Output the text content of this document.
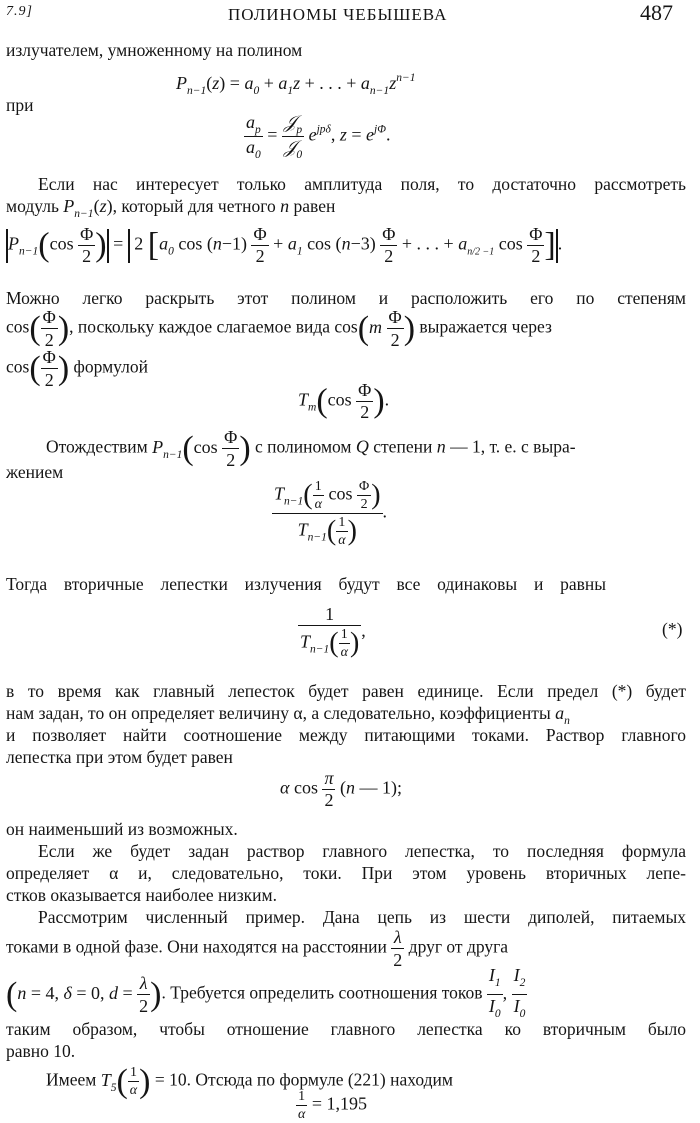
7.9]	ПОЛИНОМЫ ЧЕБЫШЕВА	487
излучателем, умноженному на полином
$P_{n-1}(z) = a_0 + a_1z$ + . . . + $a_{n-1}z^{n-1}$
при
$\frac{a_p}{a_0} = \frac{𝒥_p}{𝒥_0} e^{jp\delta}$, $z = e^{j\Phi}$.
Если нас интересует только амплитуда поля, то достаточно рассмотреть
модуль $P_{n-1}(z)$, который для четного n равен
$P_{n-1}(\cos \frac{\Phi}{2}$ ) =  2 [$a_0$ $\cos (n-1) \frac{\Phi}{2} + a_1$ $\cos (n-3) \frac{\Phi}{2}$ + . . . + $a_{n/2 -1}$ $\cos \frac{\Phi}{2}$ ] .
Можно легко раскрыть этот полином и расположить его по степеням
$\cos( \frac{\Phi}{2}$ ), поскольку каждое слагаемое вида $\cos(m \frac{\Phi}{2}$ ) выражается через
$\cos( \frac{\Phi}{2}$ ) формулой
$T_m(\cos \frac{\Phi}{2}$ ).
Отождествим $P_{n-1}(\cos \frac{\Phi}{2}$ ) с полиномом Q степени n — 1, т. е. с выра-
жением
$\frac{T_{n-1}( \frac{1}{\alpha} \cos \frac{\Phi}{2} )}{T_{n-1}( \frac{1}{\alpha} )}$ .
Тогда вторичные лепестки излучения будут все одинаковы и равны
$\frac{1}{T_{n-1}( \frac{1}{\alpha} )}$ ,	(*)
в то время как главный лепесток будет равен единице. Если предел (*) будет
нам задан, то он определяет величину α, а следовательно, коэффициенты $a_n$
и позволяет найти соотношение между питающими токами. Раствор главного
лепестка при этом будет равен
α $\cos \frac{\pi}{2} (n$ — 1);
он наименьший из возможных.
Если же будет задан раствор главного лепестка, то последняя формула
определяет α и, следовательно, токи. При этом уровень вторичных лепе-
стков оказывается наиболее низким.
Рассмотрим численный пример. Дана цепь из шести диполей, питаемых
токами в одной фазе. Они находятся на расстоянии $\frac{\lambda}{2}$ друг от друга
(n = 4, δ = 0, $d = \frac{\lambda}{2}$ ). Требуется определить соотношения токов $\frac{I_1}{I_0}$ , $\frac{I_2}{I_0}$
таким образом, чтобы отношение главного лепестка ко вторичным было
равно 10.
Имеем $T_5( \frac{1}{\alpha}$ ) = 10. Отсюда по формуле (221) находим
$\frac{1}{\alpha} = 1,195$
